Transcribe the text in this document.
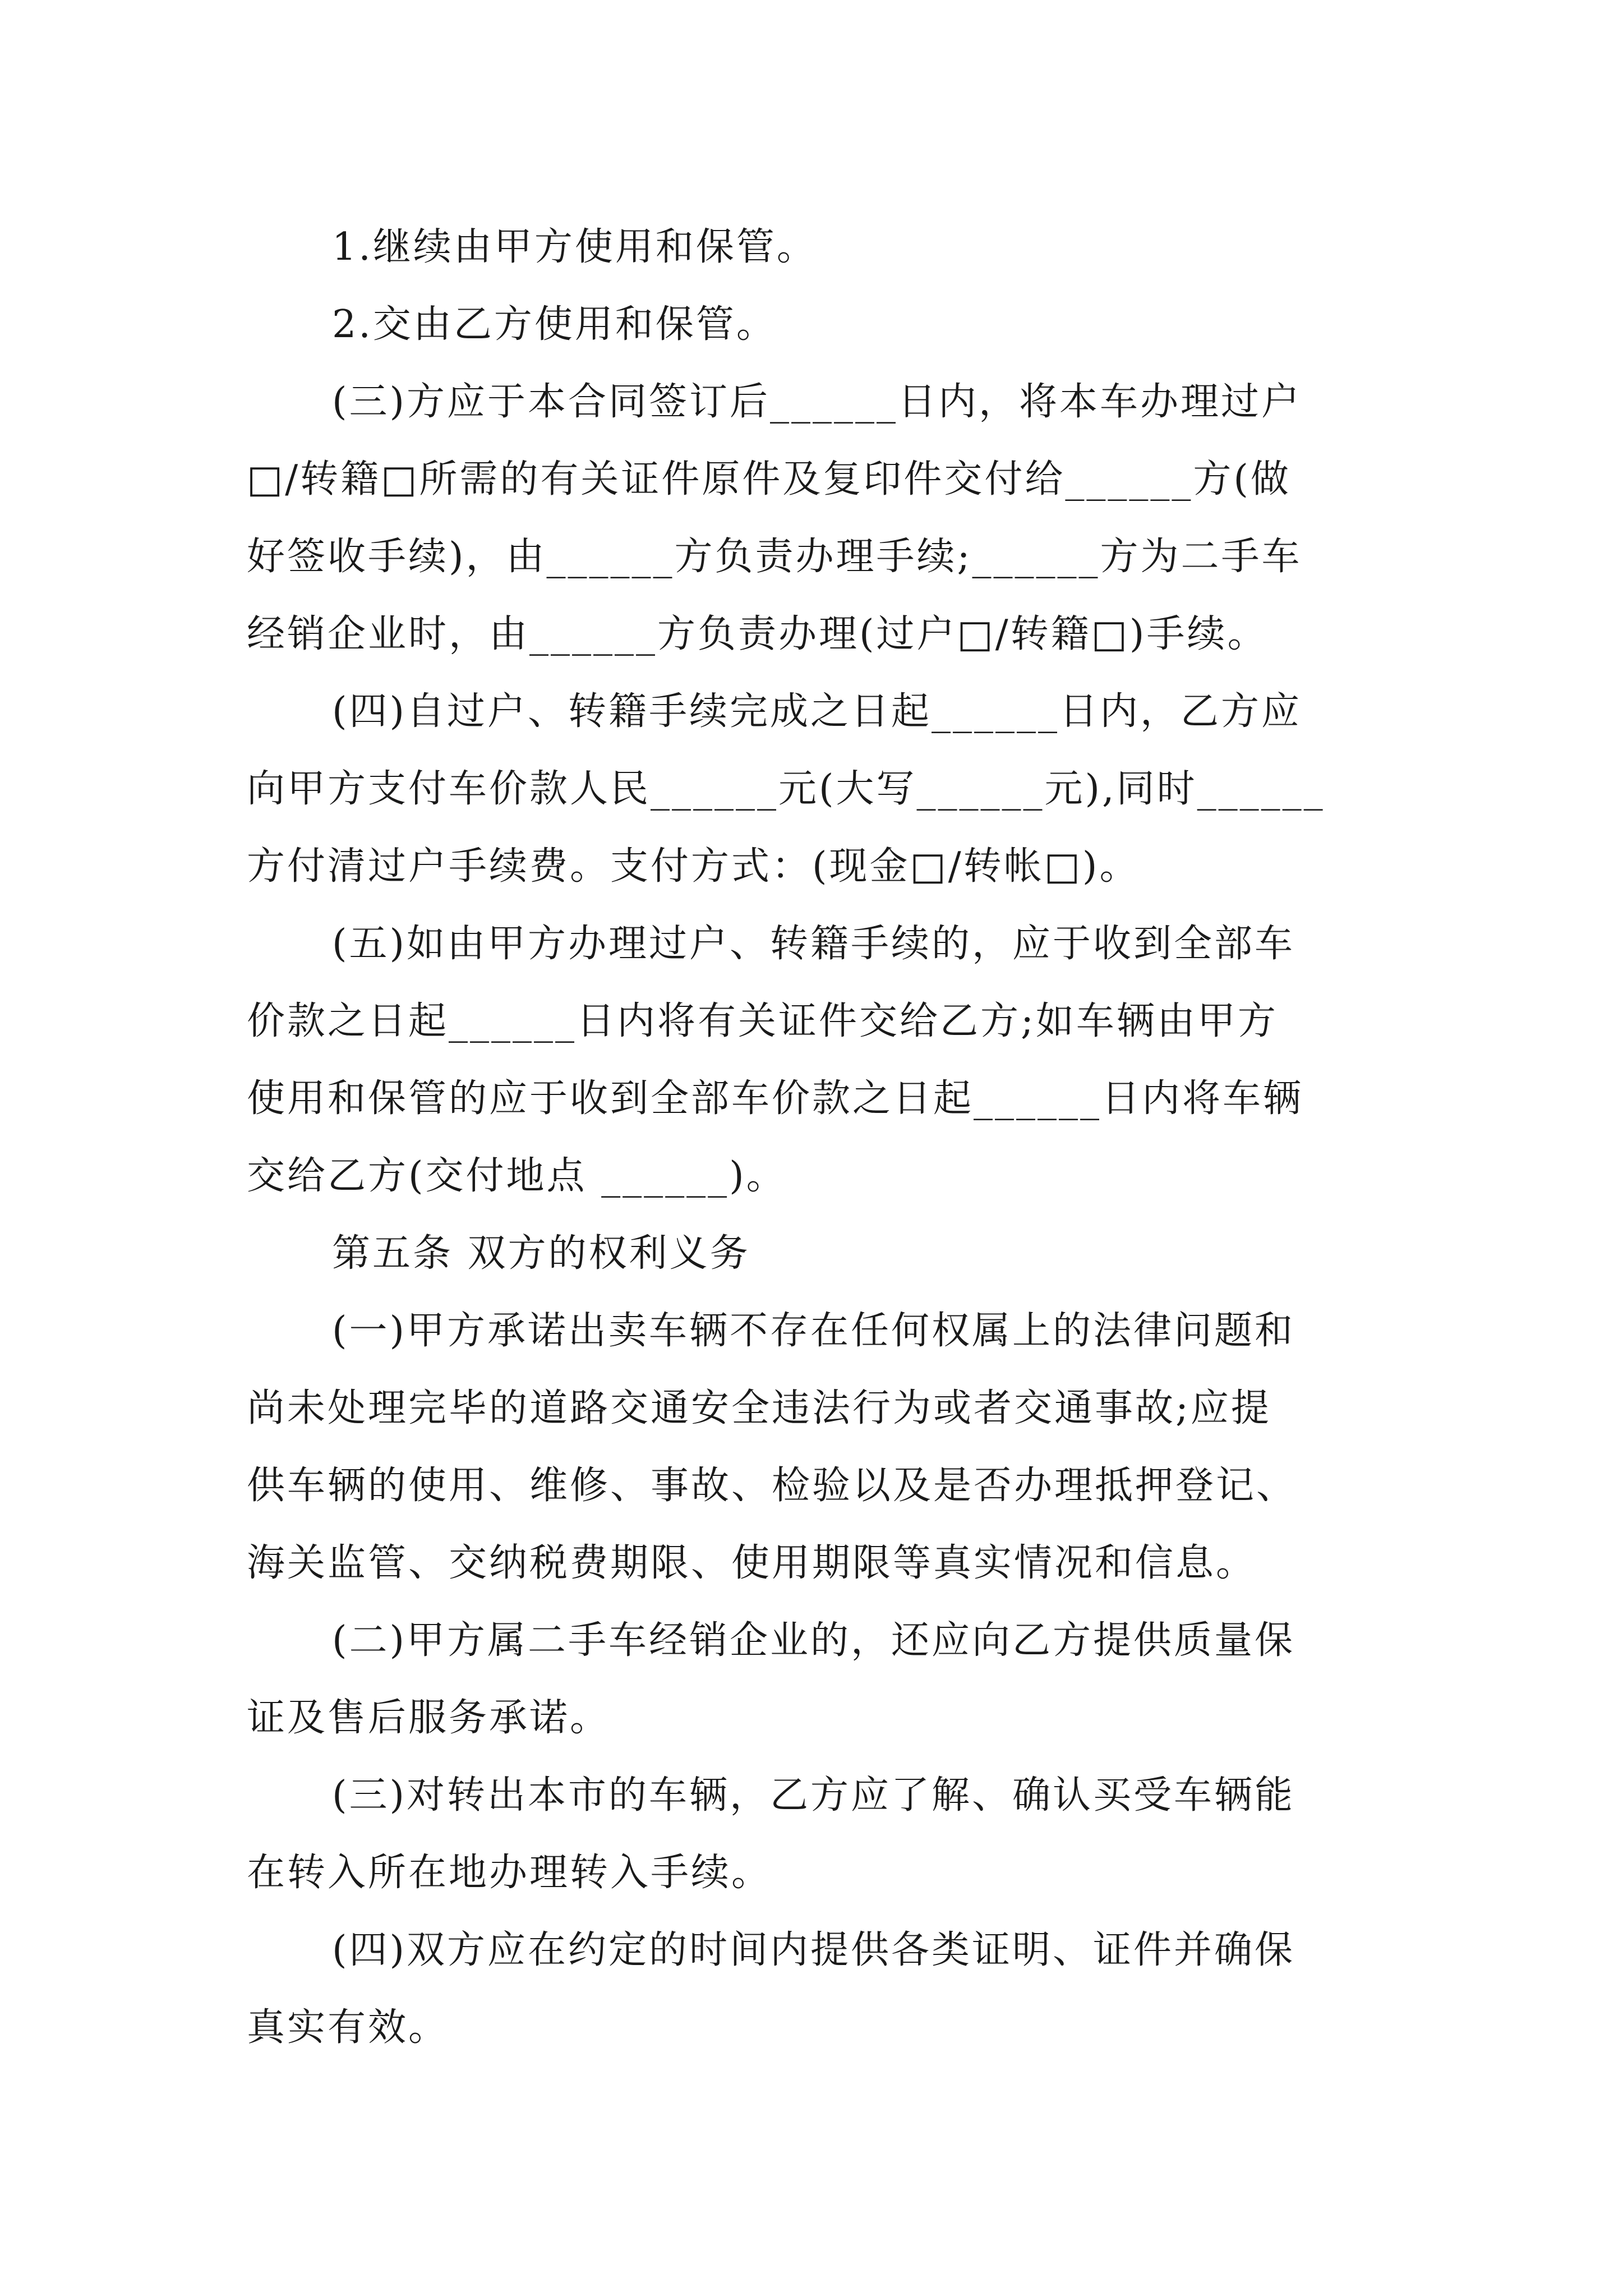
1.继续由甲方使用和保管。
2.交由乙方使用和保管。
(三)方应于本合同签订后______日内，将本车办理过户
□/转籍□所需的有关证件原件及复印件交付给______方(做
好签收手续)，由______方负责办理手续;______方为二手车
经销企业时，由______方负责办理(过户□/转籍□)手续。
(四)自过户、转籍手续完成之日起______日内，乙方应
向甲方支付车价款人民______元(大写______元),同时______
方付清过户手续费。支付方式：(现金□/转帐□)。
(五)如由甲方办理过户、转籍手续的，应于收到全部车
价款之日起______日内将有关证件交给乙方;如车辆由甲方
使用和保管的应于收到全部车价款之日起______日内将车辆
交给乙方(交付地点 ______)。
第五条 双方的权利义务
(一)甲方承诺出卖车辆不存在任何权属上的法律问题和
尚未处理完毕的道路交通安全违法行为或者交通事故;应提
供车辆的使用、维修、事故、检验以及是否办理抵押登记、
海关监管、交纳税费期限、使用期限等真实情况和信息。
(二)甲方属二手车经销企业的，还应向乙方提供质量保
证及售后服务承诺。
(三)对转出本市的车辆，乙方应了解、确认买受车辆能
在转入所在地办理转入手续。
(四)双方应在约定的时间内提供各类证明、证件并确保
真实有效。
